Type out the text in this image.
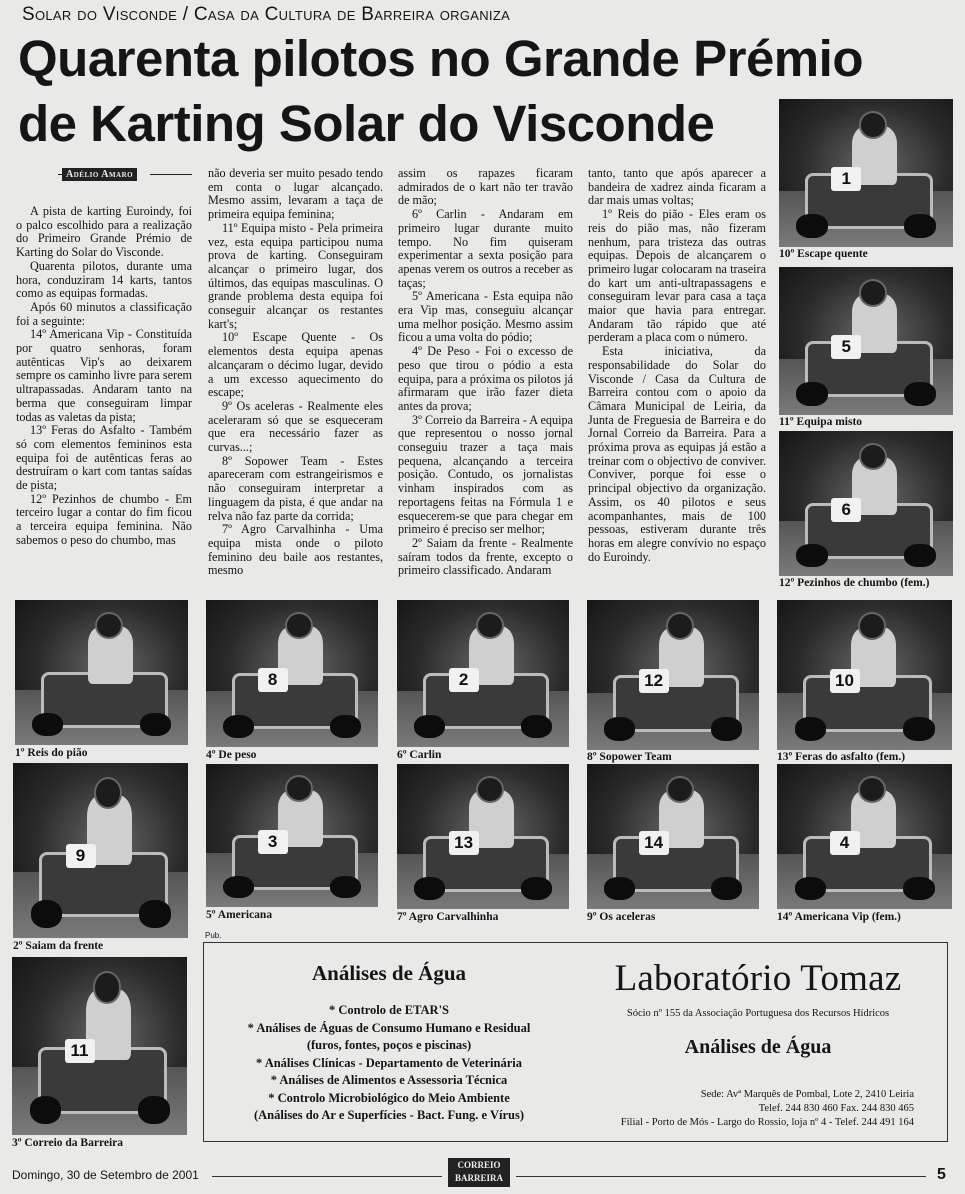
Solar do Visconde / Casa da Cultura de Barreira organiza
Quarenta pilotos no Grande Prémio
de Karting Solar do Visconde
Adélio Amaro

A pista de karting Euroindy, foi o palco escolhido para a realização do Primeiro Grande Prémio de Karting do Solar do Visconde.

Quarenta pilotos, durante uma hora, conduziram 14 karts, tantos como as equipas formadas.

Após 60 minutos a classificação foi a seguinte:

14º Americana Vip - Constituída por quatro senhoras, foram autênticas Vip's ao deixarem sempre os caminho livre para serem ultrapassadas. Andaram tanto na berma que conseguiram limpar todas as valetas da pista;

13º Feras do Asfalto - Também só com elementos femininos esta equipa foi de autênticas feras ao destruíram o kart com tantas saídas de pista;

12º Pezinhos de chumbo - Em terceiro lugar a contar do fim ficou a terceira equipa feminina. Não sabemos o peso do chumbo, mas

não deveria ser muito pesado tendo em conta o lugar alcançado. Mesmo assim, levaram a taça de primeira equipa feminina;

11º Equipa misto - Pela primeira vez, esta equipa participou numa prova de karting. Conseguiram alcançar o primeiro lugar, dos últimos, das equipas masculinas. O grande problema desta equipa foi conseguir alcançar os restantes kart's;

10º Escape Quente - Os elementos desta equipa apenas alcançaram o décimo lugar, devido a um excesso aquecimento do escape;

9º Os aceleras - Realmente eles aceleraram só que se esqueceram que era necessário fazer as curvas...;

8º Sopower Team - Estes apareceram com estrangeirismos e não conseguiram interpretar a linguagem da pista, é que andar na relva não faz parte da corrida;

7º Agro Carvalhinha - Uma equipa mista onde o piloto feminino deu baile aos restantes, mesmo

assim os rapazes ficaram admirados de o kart não ter travão de mão;

6º Carlin - Andaram em primeiro lugar durante muito tempo. No fim quiseram experimentar a sexta posição para apenas verem os outros a receber as taças;

5º Americana - Esta equipa não era Vip mas, conseguiu alcançar uma melhor posição. Mesmo assim ficou a uma volta do pódio;

4º De Peso - Foi o excesso de peso que tirou o pódio a esta equipa, para a próxima os pilotos já afirmaram que irão fazer dieta antes da prova;

3º Correio da Barreira - A equipa que representou o nosso jornal conseguiu trazer a taça mais pequena, alcançando a terceira posição. Contudo, os jornalistas vinham inspirados com as reportagens feitas na Fórmula 1 e esquecerem-se que para chegar em primeiro é preciso ser melhor;

2º Saiam da frente - Realmente saíram todos da frente, excepto o primeiro classificado. Andaram

tanto, tanto que após aparecer a bandeira de xadrez ainda ficaram a dar mais umas voltas;

1º Reis do pião - Eles eram os reis do pião mas, não fizeram nenhum, para tristeza das outras equipas. Depois de alcançarem o primeiro lugar colocaram na traseira do kart um anti-ultrapassagens e conseguiram levar para casa a taça maior que havia para entregar. Andaram tão rápido que até perderam a placa com o número.

Esta iniciativa, da responsabilidade do Solar do Visconde / Casa da Cultura de Barreira contou com o apoio da Câmara Municipal de Leiria, da Junta de Freguesia de Barreira e do Jornal Correio da Barreira. Para a próxima prova as equipas já estão a treinar com o objectivo de conviver. Conviver, porque foi esse o principal objectivo da organização. Assim, os 40 pilotos e seus acompanhantes, mais de 100 pessoas, estiveram durante três horas em alegre convívio no espaço do Euroindy.

1
10º Escape quente
5
11º Equipa misto
6
12º Pezinhos de chumbo (fem.)
1º Reis do pião
8
4º De peso
2
6º Carlin
12
8º Sopower Team
10
13º Feras do asfalto (fem.)
9
2º Saiam da frente
3
5º Americana
13
7º Agro Carvalhinha
14
9º Os aceleras
4
14º Americana Vip (fem.)
11
3º Correio da Barreira
Pub.
Análises de Água
* Controlo de ETAR'S
* Análises de Águas de Consumo Humano e Residual
(furos, fontes, poços e piscinas)
* Análises Clínicas - Departamento de Veterinária
* Análises de Alimentos e Assessoria Técnica
* Controlo Microbiológico do Meio Ambiente
(Análises do Ar e Superfícies - Bact. Fung. e Vírus)
Laboratório Tomaz
Sócio nº 155 da Associação Portuguesa dos Recursos Hídricos
Análises de Água
Sede: Avª Marquês de Pombal, Lote 2, 2410 Leiria
Telef. 244 830 460 Fax. 244 830 465
Filial - Porto de Mós - Largo do Rossio, loja nº 4 - Telef. 244 491 164
Domingo, 30 de Setembro de 2001
CORREIO
BARREIRA	5
